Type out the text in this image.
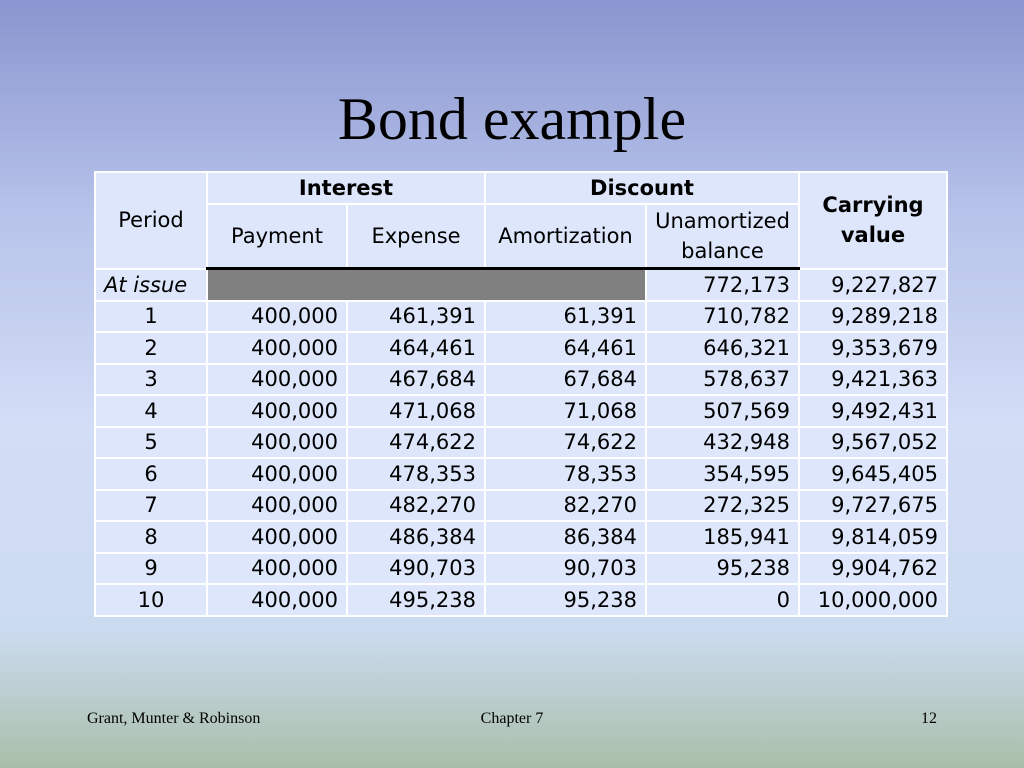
Bond example
Period	Interest		Discount		Carrying value
	Payment	Expense	Amortization	Unamortized balance	
At issue				772,173	9,227,827
1	400,000	461,391	61,391	710,782	9,289,218
2	400,000	464,461	64,461	646,321	9,353,679
3	400,000	467,684	67,684	578,637	9,421,363
4	400,000	471,068	71,068	507,569	9,492,431
5	400,000	474,622	74,622	432,948	9,567,052
6	400,000	478,353	78,353	354,595	9,645,405
7	400,000	482,270	82,270	272,325	9,727,675
8	400,000	486,384	86,384	185,941	9,814,059
9	400,000	490,703	90,703	95,238	9,904,762
10	400,000	495,238	95,238	0	10,000,000
Grant, Munter & Robinson	Chapter 7	12
